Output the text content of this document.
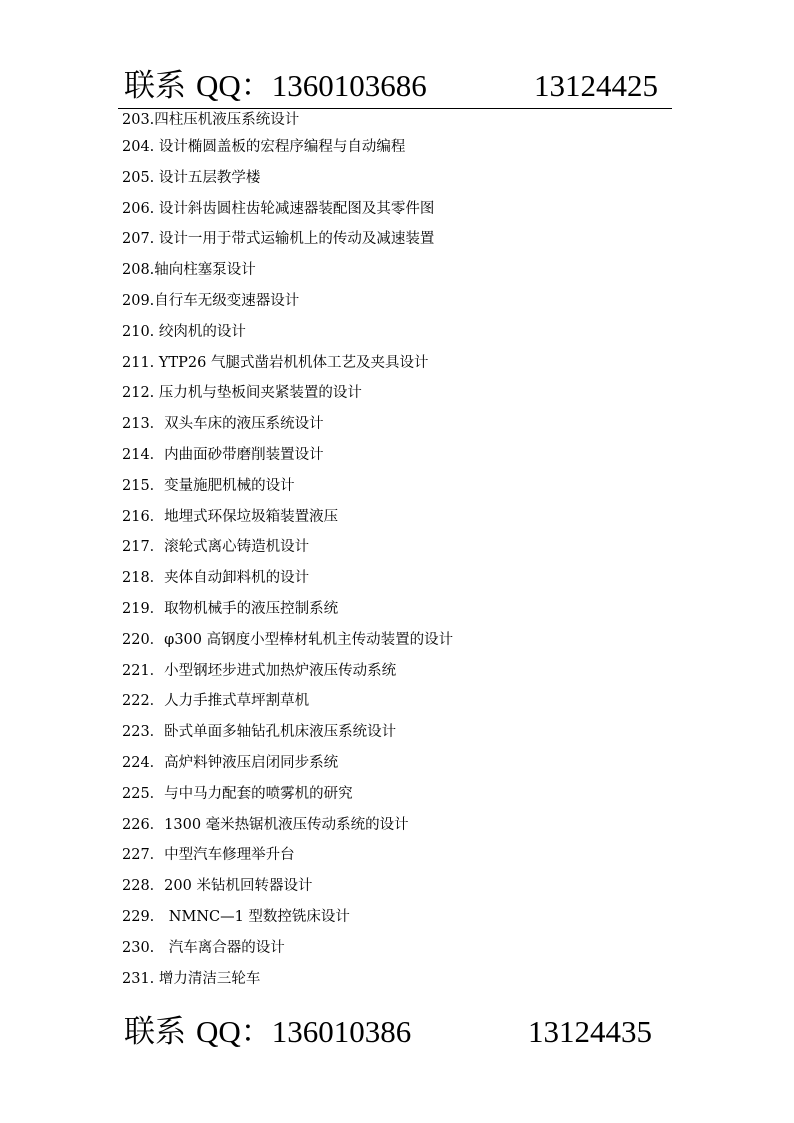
联系 QQ：1360103686	13124425
203.四柱压机液压系统设计
204. 设计椭圆盖板的宏程序编程与自动编程
205. 设计五层教学楼
206. 设计斜齿圆柱齿轮减速器装配图及其零件图
207. 设计一用于带式运输机上的传动及减速装置
208.轴向柱塞泵设计
209.自行车无级变速器设计
210. 绞肉机的设计
211. YTP26 气腿式凿岩机机体工艺及夹具设计
212. 压力机与垫板间夹紧装置的设计
213．双头车床的液压系统设计
214．内曲面砂带磨削装置设计
215．变量施肥机械的设计
216．地埋式环保垃圾箱装置液压
217．滚轮式离心铸造机设计
218．夹体自动卸料机的设计
219．取物机械手的液压控制系统
220．φ300 高钢度小型棒材轧机主传动装置的设计
221．小型钢坯步进式加热炉液压传动系统
222．人力手推式草坪割草机
223．卧式单面多轴钻孔机床液压系统设计
224．高炉料钟液压启闭同步系统
225．与中马力配套的喷雾机的研究
226．1300 毫米热锯机液压传动系统的设计
227．中型汽车修理举升台
228．200 米钻机回转器设计
229.　NMNC—1 型数控铣床设计
230.　汽车离合器的设计
231. 增力清洁三轮车
联系 QQ：136010386	13124435
